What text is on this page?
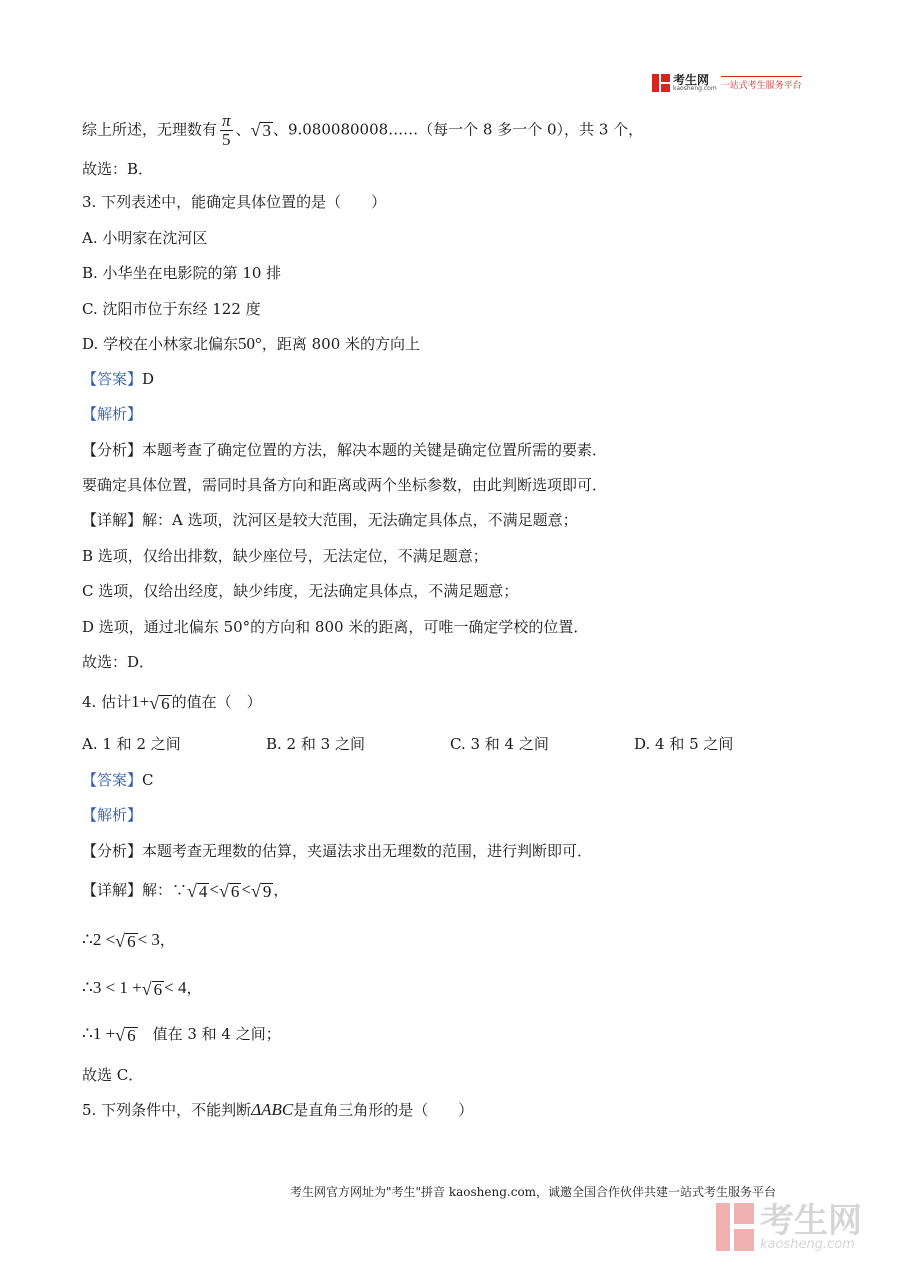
考生网
kaosheng.com 一站式考生服务平台
综上所述，无理数有 $\frac{\pi}{5}$ 、 √ 3 、9.080080008……（每一个 8 多一个 0），共 3 个，
故选：B．
3. 下列表述中，能确定具体位置的是（　　）
A. 小明家在沈河区
B. 小华坐在电影院的第 10 排
C. 沈阳市位于东经 122 度
D. 学校在小林家北偏东50°，距离 800 米的方向上
【答案】D
【解析】
【分析】本题考查了确定位置的方法，解决本题的关键是确定位置所需的要素．
要确定具体位置，需同时具备方向和距离或两个坐标参数，由此判断选项即可．
【详解】解：A 选项，沈河区是较大范围，无法确定具体点，不满足题意；
B 选项，仅给出排数，缺少座位号，无法定位，不满足题意；
C 选项，仅给出经度，缺少纬度，无法确定具体点，不满足题意；
D 选项，通过北偏东 50°的方向和 800 米的距离，可唯一确定学校的位置．
故选：D．
4. 估计1+ √ 6 的值在（　）
A. 1 和 2 之间	B. 2 和 3 之间	C. 3 和 4 之间	D. 4 和 5 之间
【答案】C
【解析】
【分析】本题考查无理数的估算，夹逼法求出无理数的范围，进行判断即可．
【详解】解：∵ √ 4 < √ 6 < √ 9 ，
∴2 < √ 6 < 3，
∴3 < 1 + √ 6 < 4，
∴1 + √ 6 　值在 3 和 4 之间；
故选 C．
5. 下列条件中，不能判断ΔABC是直角三角形的是（　　）
考生网官方网址为"考生"拼音 kaosheng.com，诚邀全国合作伙伴共建一站式考生服务平台
考生网
kaosheng.com
